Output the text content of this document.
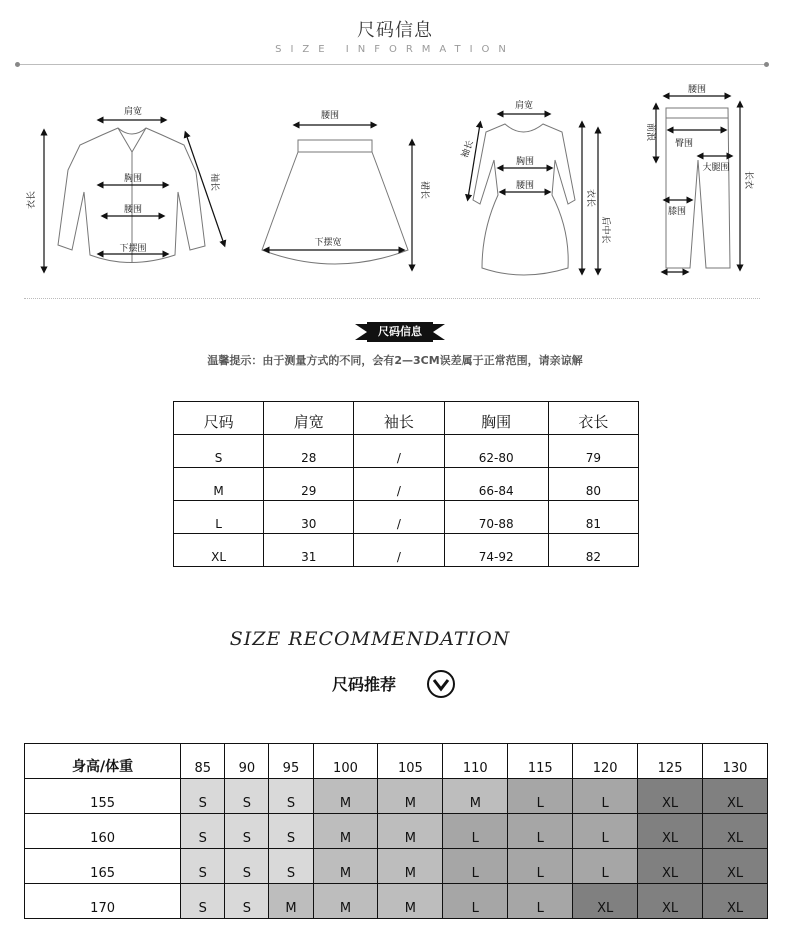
尺码信息
SIZE INFORMATION
肩宽
胸围
腰围
下摆围
衣长
袖长
腰围
下摆宽
裙长
肩宽
胸围
腰围
袖长
衣长
后中长
腰围
臀围
大腿围
膝围
前浪
长衣
尺码信息
温馨提示：由于测量方式的不同，会有2—3CM误差属于正常范围，请亲谅解
尺码	肩宽	袖长	胸围	衣长
S	28	/	62-80	79
M	29	/	66-84	80
L	30	/	70-88	81
XL	31	/	74-92	82
SIZE RECOMMENDATION
尺码推荐
身高/体重	85	90	95	100	105	110	115	120	125	130
155	S	S	S	M	M	M	L	L	XL	XL
160	S	S	S	M	M	L	L	L	XL	XL
165	S	S	S	M	M	L	L	L	XL	XL
170	S	S	M	M	M	L	L	XL	XL	XL
